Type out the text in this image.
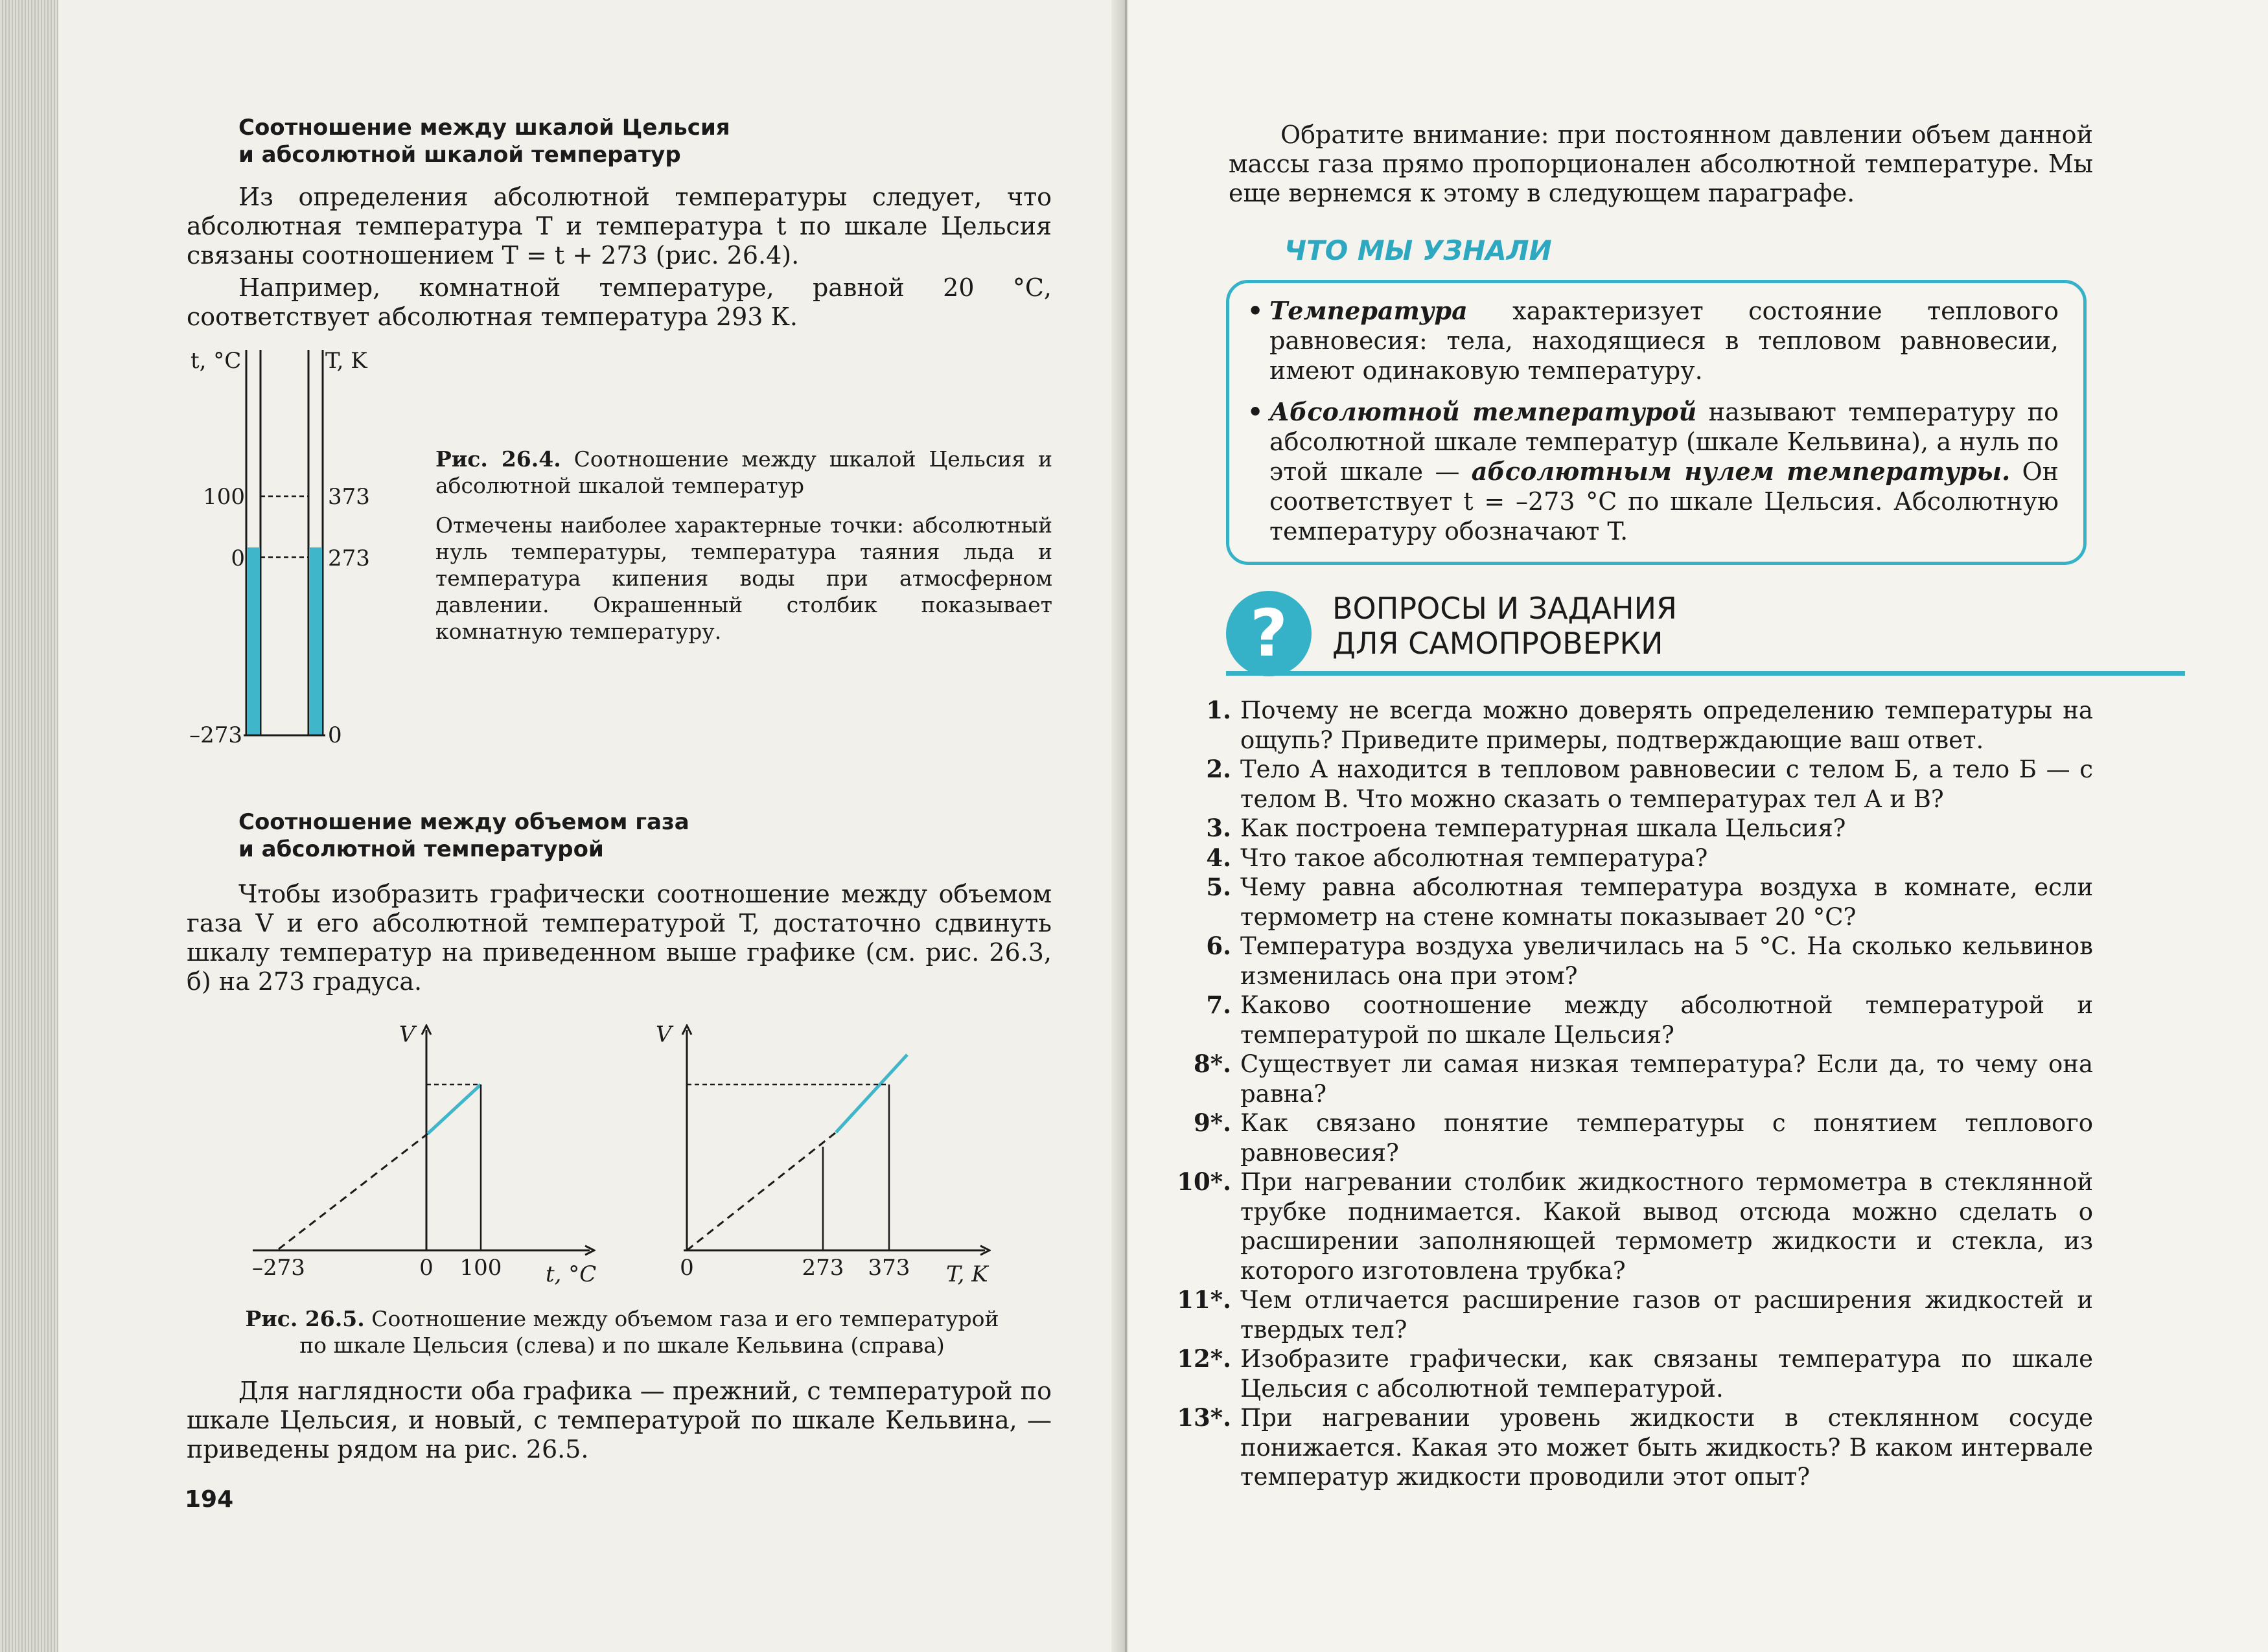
Соотношение между шкалой Цельсия
и абсолютной шкалой температур

Из определения абсолютной температуры следует, что абсолютная температура T и температура t по шкале Цельсия связаны соотношением T = t + 273 (рис. 26.4).

Например, комнатной температуре, равной 20 °С, соответствует абсолютная температура 293 К.

t, °C	T, K
100
0
–273
373
273
0
Рис. 26.4. Соотношение между шкалой Цельсия и абсолютной шкалой температур
Отмечены наиболее характерные точки: абсолютный нуль температуры, температура таяния льда и температура кипения воды при атмосферном давлении. Окрашенный столбик показывает комнатную температуру.
Соотношение между объемом газа
и абсолютной температурой

Чтобы изобразить графически соотношение между объемом газа V и его абсолютной температурой T, достаточно сдвинуть шкалу температур на приведенном выше графике (см. рис. 26.3, б) на 273 градуса.

V
–273	0 100 t, °C
V
0	273 373 T, K
Рис. 26.5. Соотношение между объемом газа и его температурой по шкале Цельсия (слева) и по шкале Кельвина (справа)

Для наглядности оба графика — прежний, с температурой по шкале Цельсия, и новый, с температурой по шкале Кельвина, — приведены рядом на рис. 26.5.

194

Обратите внимание: при постоянном давлении объем данной массы газа прямо пропорционален абсолютной температуре. Мы еще вернемся к этому в следующем параграфе.

ЧТО МЫ УЗНАЛИ
• Температура характеризует состояние теплового равновесия: тела, находящиеся в тепловом равновесии, имеют одинаковую температуру.
• Абсолютной температурой называют температуру по абсолютной шкале температур (шкале Кельвина), а нуль по этой шкале — абсолютным нулем температуры. Он соответствует t = –273 °С по шкале Цельсия. Абсолютную температуру обозначают T.
?	ВОПРОСЫ И ЗАДАНИЯ
ДЛЯ САМОПРОВЕРКИ
1. Почему не всегда можно доверять определению температуры на ощупь? Приведите примеры, подтверждающие ваш ответ.
2. Тело А находится в тепловом равновесии с телом Б, а тело Б — с телом В. Что можно сказать о температурах тел А и В?
3. Как построена температурная шкала Цельсия?
4. Что такое абсолютная температура?
5. Чему равна абсолютная температура воздуха в комнате, если термометр на стене комнаты показывает 20 °С?
6. Температура воздуха увеличилась на 5 °С. На сколько кельвинов изменилась она при этом?
7. Каково соотношение между абсолютной температурой и температурой по шкале Цельсия?
8*. Существует ли самая низкая температура? Если да, то чему она равна?
9*. Как связано понятие температуры с понятием теплового равновесия?
10*. При нагревании столбик жидкостного термометра в стеклянной трубке поднимается. Какой вывод отсюда можно сделать о расширении заполняющей термометр жидкости и стекла, из которого изготовлена трубка?
11*. Чем отличается расширение газов от расширения жидкостей и твердых тел?
12*. Изобразите графически, как связаны температура по шкале Цельсия с абсолютной температурой.
13*. При нагревании уровень жидкости в стеклянном сосуде понижается. Какая это может быть жидкость? В каком интервале температур жидкости проводили этот опыт?
